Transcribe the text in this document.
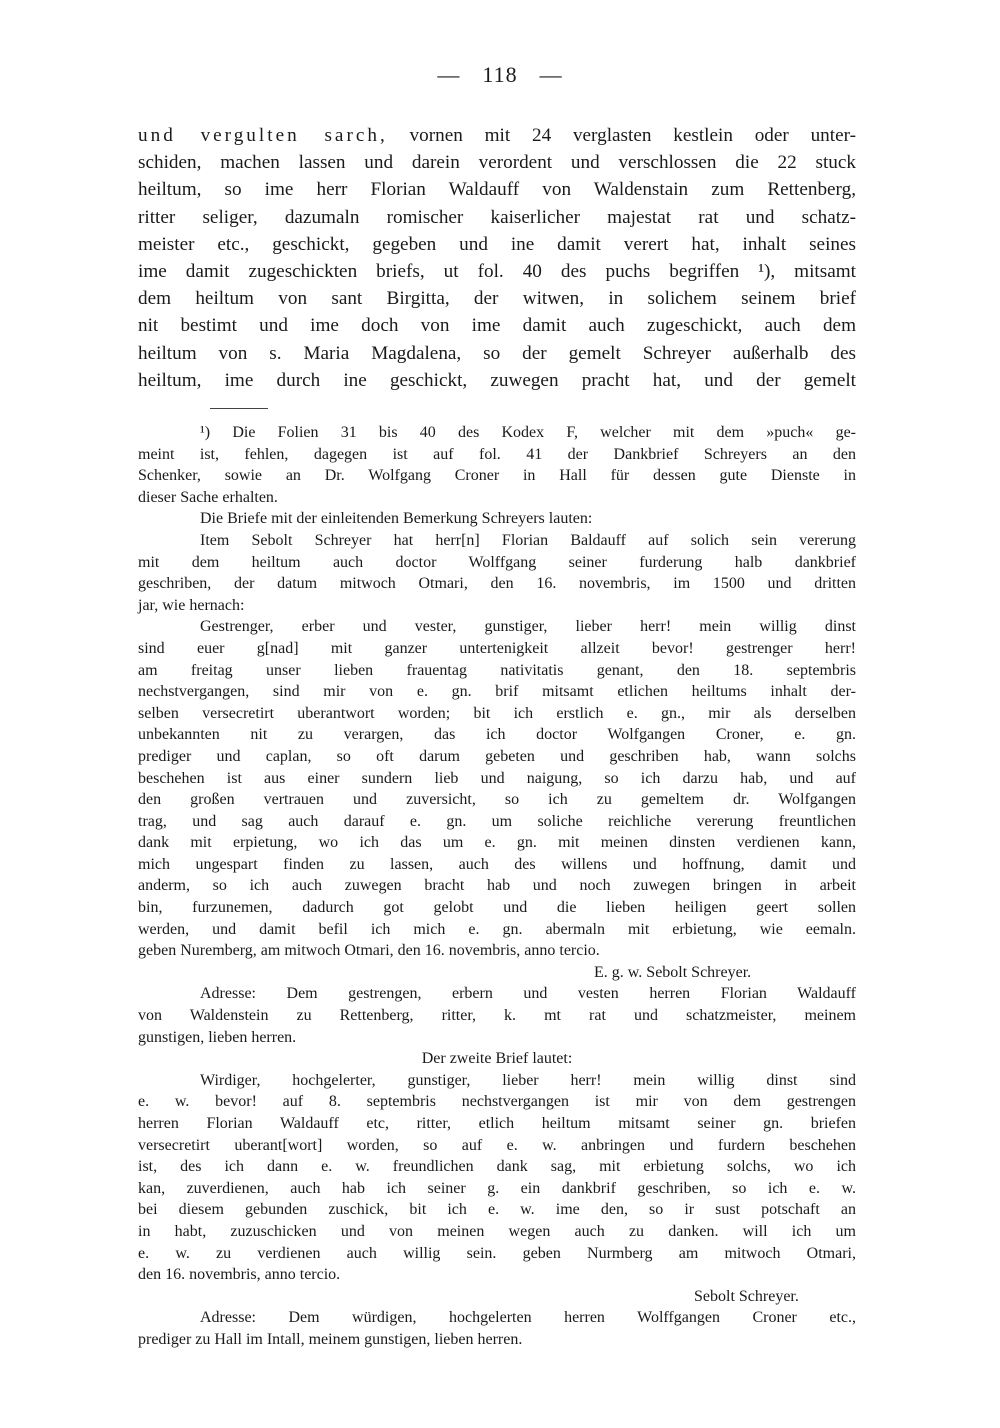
— 118 —
und vergulten sarch, vornen mit 24 verglasten kestlein oder unter-
schiden, machen lassen und darein verordent und verschlossen die 22 stuck
heiltum, so ime herr Florian Waldauff von Waldenstain zum Rettenberg,
ritter seliger, dazumaln romischer kaiserlicher majestat rat und schatz-
meister etc., geschickt, gegeben und ine damit verert hat, inhalt seines
ime damit zugeschickten briefs, ut fol. 40 des puchs begriffen ¹), mitsamt
dem heiltum von sant Birgitta, der witwen, in solichem seinem brief
nit bestimt und ime doch von ime damit auch zugeschickt, auch dem
heiltum von s. Maria Magdalena, so der gemelt Schreyer außerhalb des
heiltum, ime durch ine geschickt, zuwegen pracht hat, und der gemelt
¹) Die Folien 31 bis 40 des Kodex F, welcher mit dem »puch« ge-
meint ist, fehlen, dagegen ist auf fol. 41 der Dankbrief Schreyers an den
Schenker, sowie an Dr. Wolfgang Croner in Hall für dessen gute Dienste in
dieser Sache erhalten.
Die Briefe mit der einleitenden Bemerkung Schreyers lauten:
Item Sebolt Schreyer hat herr[n] Florian Baldauff auf solich sein vererung
mit dem heiltum auch doctor Wolffgang seiner furderung halb dankbrief
geschriben, der datum mitwoch Otmari, den 16. novembris, im 1500 und dritten
jar, wie hernach:
Gestrenger, erber und vester, gunstiger, lieber herr! mein willig dinst
sind euer g[nad] mit ganzer untertenigkeit allzeit bevor! gestrenger herr!
am freitag unser lieben frauentag nativitatis genant, den 18. septembris
nechstvergangen, sind mir von e. gn. brif mitsamt etlichen heiltums inhalt der-
selben versecretirt uberantwort worden; bit ich erstlich e. gn., mir als derselben
unbekannten nit zu verargen, das ich doctor Wolfgangen Croner, e. gn.
prediger und caplan, so oft darum gebeten und geschriben hab, wann solchs
beschehen ist aus einer sundern lieb und naigung, so ich darzu hab, und auf
den großen vertrauen und zuversicht, so ich zu gemeltem dr. Wolfgangen
trag, und sag auch darauf e. gn. um soliche reichliche vererung freuntlichen
dank mit erpietung, wo ich das um e. gn. mit meinen dinsten verdienen kann,
mich ungespart finden zu lassen, auch des willens und hoffnung, damit und
anderm, so ich auch zuwegen bracht hab und noch zuwegen bringen in arbeit
bin, furzunemen, dadurch got gelobt und die lieben heiligen geert sollen
werden, und damit befil ich mich e. gn. abermaln mit erbietung, wie eemaln.
geben Nuremberg, am mitwoch Otmari, den 16. novembris, anno tercio.
E. g. w. Sebolt Schreyer.
Adresse: Dem gestrengen, erbern und vesten herren Florian Waldauff
von Waldenstein zu Rettenberg, ritter, k. mt rat und schatzmeister, meinem
gunstigen, lieben herren.
Der zweite Brief lautet:
Wirdiger, hochgelerter, gunstiger, lieber herr! mein willig dinst sind
e. w. bevor! auf 8. septembris nechstvergangen ist mir von dem gestrengen
herren Florian Waldauff etc, ritter, etlich heiltum mitsamt seiner gn. briefen
versecretirt uberant[wort] worden, so auf e. w. anbringen und furdern beschehen
ist, des ich dann e. w. freundlichen dank sag, mit erbietung solchs, wo ich
kan, zuverdienen, auch hab ich seiner g. ein dankbrif geschriben, so ich e. w.
bei diesem gebunden zuschick, bit ich e. w. ime den, so ir sust potschaft an
in habt, zuzuschicken und von meinen wegen auch zu danken. will ich um
e. w. zu verdienen auch willig sein. geben Nurmberg am mitwoch Otmari,
den 16. novembris, anno tercio.
Sebolt Schreyer.
Adresse: Dem würdigen, hochgelerten herren Wolffgangen Croner etc.,
prediger zu Hall im Intall, meinem gunstigen, lieben herren.
